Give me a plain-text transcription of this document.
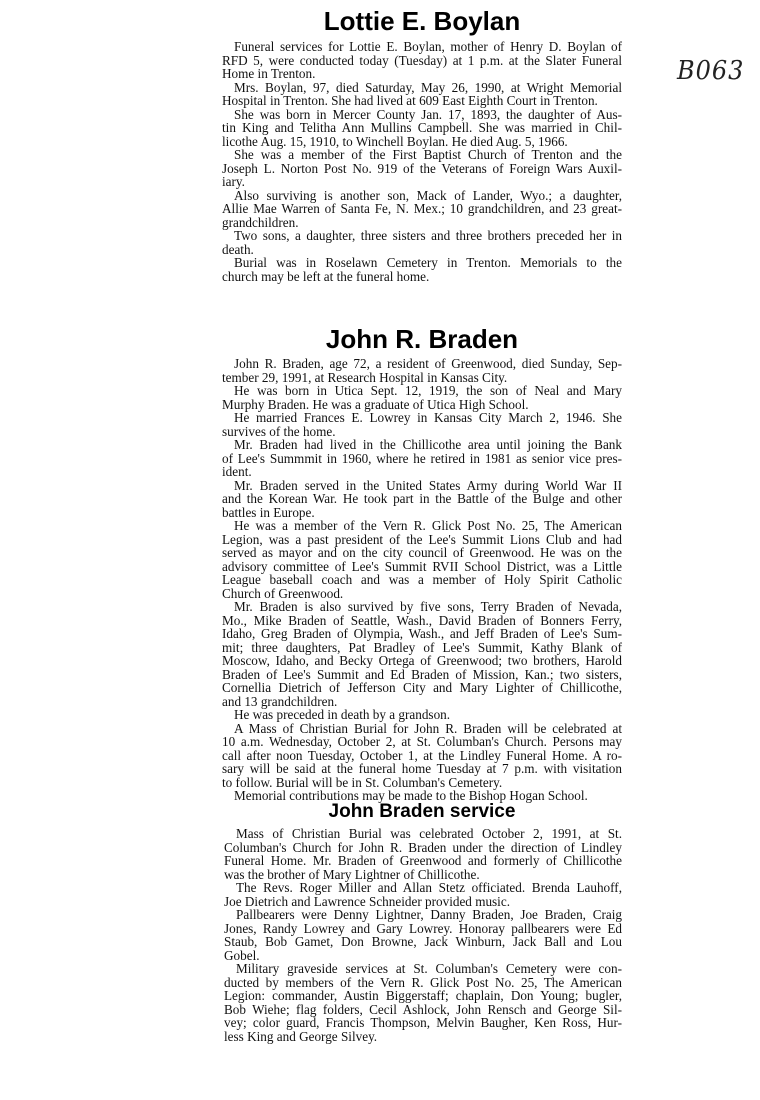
B063
Lottie E. Boylan
Funeral services for Lottie E. Boylan, mother of Henry D. Boylan of
RFD 5, were conducted today (Tuesday) at 1 p.m. at the Slater Funeral
Home in Trenton.
Mrs. Boylan, 97, died Saturday, May 26, 1990, at Wright Memorial
Hospital in Trenton. She had lived at 609 East Eighth Court in Trenton.
She was born in Mercer County Jan. 17, 1893, the daughter of Aus-
tin King and Telitha Ann Mullins Campbell. She was married in Chil-
licothe Aug. 15, 1910, to Winchell Boylan. He died Aug. 5, 1966.
She was a member of the First Baptist Church of Trenton and the
Joseph L. Norton Post No. 919 of the Veterans of Foreign Wars Auxil-
iary.
Also surviving is another son, Mack of Lander, Wyo.; a daughter,
Allie Mae Warren of Santa Fe, N. Mex.; 10 grandchildren, and 23 great-
grandchildren.
Two sons, a daughter, three sisters and three brothers preceded her in
death.
Burial was in Roselawn Cemetery in Trenton. Memorials to the
church may be left at the funeral home.
John R. Braden
John R. Braden, age 72, a resident of Greenwood, died Sunday, Sep-
tember 29, 1991, at Research Hospital in Kansas City.
He was born in Utica Sept. 12, 1919, the son of Neal and Mary
Murphy Braden. He was a graduate of Utica High School.
He married Frances E. Lowrey in Kansas City March 2, 1946. She
survives of the home.
Mr. Braden had lived in the Chillicothe area until joining the Bank
of Lee's Summmit in 1960, where he retired in 1981 as senior vice pres-
ident.
Mr. Braden served in the United States Army during World War II
and the Korean War. He took part in the Battle of the Bulge and other
battles in Europe.
He was a member of the Vern R. Glick Post No. 25, The American
Legion, was a past president of the Lee's Summit Lions Club and had
served as mayor and on the city council of Greenwood. He was on the
advisory committee of Lee's Summit RVII School District, was a Little
League baseball coach and was a member of Holy Spirit Catholic
Church of Greenwood.
Mr. Braden is also survived by five sons, Terry Braden of Nevada,
Mo., Mike Braden of Seattle, Wash., David Braden of Bonners Ferry,
Idaho, Greg Braden of Olympia, Wash., and Jeff Braden of Lee's Sum-
mit; three daughters, Pat Bradley of Lee's Summit, Kathy Blank of
Moscow, Idaho, and Becky Ortega of Greenwood; two brothers, Harold
Braden of Lee's Summit and Ed Braden of Mission, Kan.; two sisters,
Cornellia Dietrich of Jefferson City and Mary Lighter of Chillicothe,
and 13 grandchildren.
He was preceded in death by a grandson.
A Mass of Christian Burial for John R. Braden will be celebrated at
10 a.m. Wednesday, October 2, at St. Columban's Church. Persons may
call after noon Tuesday, October 1, at the Lindley Funeral Home. A ro-
sary will be said at the funeral home Tuesday at 7 p.m. with visitation
to follow. Burial will be in St. Columban's Cemetery.
Memorial contributions may be made to the Bishop Hogan School.
John Braden service
Mass of Christian Burial was celebrated October 2, 1991, at St.
Columban's Church for John R. Braden under the direction of Lindley
Funeral Home. Mr. Braden of Greenwood and formerly of Chillicothe
was the brother of Mary Lightner of Chillicothe.
The Revs. Roger Miller and Allan Stetz officiated. Brenda Lauhoff,
Joe Dietrich and Lawrence Schneider provided music.
Pallbearers were Denny Lightner, Danny Braden, Joe Braden, Craig
Jones, Randy Lowrey and Gary Lowrey. Honoray pallbearers were Ed
Staub, Bob Gamet, Don Browne, Jack Winburn, Jack Ball and Lou
Gobel.
Military graveside services at St. Columban's Cemetery were con-
ducted by members of the Vern R. Glick Post No. 25, The American
Legion: commander, Austin Biggerstaff; chaplain, Don Young; bugler,
Bob Wiehe; flag folders, Cecil Ashlock, John Rensch and George Sil-
vey; color guard, Francis Thompson, Melvin Baugher, Ken Ross, Hur-
less King and George Silvey.
